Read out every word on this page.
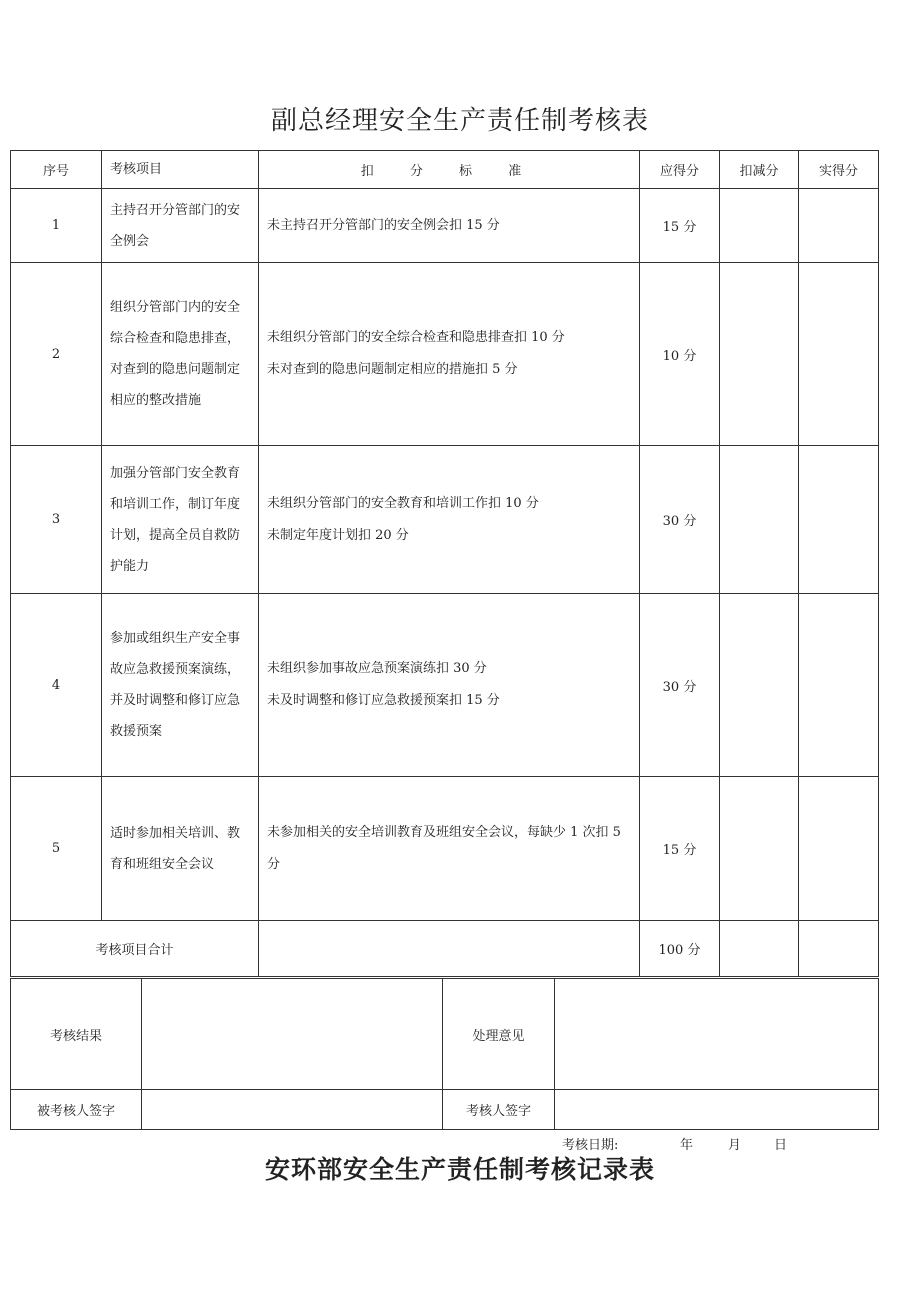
副总经理安全生产责任制考核表
序号	考核项目	扣 分 标 准	应得分	扣减分	实得分
1	主持召开分管部门的安全例会	未主持召开分管部门的安全例会扣 15 分	15 分		
2	组织分管部门内的安全综合检查和隐患排查，对查到的隐患问题制定相应的整改措施	未组织分管部门的安全综合检查和隐患排查扣 10 分
未对查到的隐患问题制定相应的措施扣 5 分	10 分		
3	加强分管部门安全教育和培训工作，制订年度计划，提高全员自救防护能力	未组织分管部门的安全教育和培训工作扣 10 分
未制定年度计划扣 20 分	30 分		
4	参加或组织生产安全事故应急救援预案演练，并及时调整和修订应急救援预案	未组织参加事故应急预案演练扣 30 分
未及时调整和修订应急救援预案扣 15 分	30 分		
5	适时参加相关培训、教育和班组安全会议	未参加相关的安全培训教育及班组安全会议，每缺少 1 次扣 5 分	15 分		
考核项目合计			100 分		
考核结果		处理意见	
被考核人签字		考核人签字	
考核日期:	年	月	日
安环部安全生产责任制考核记录表
